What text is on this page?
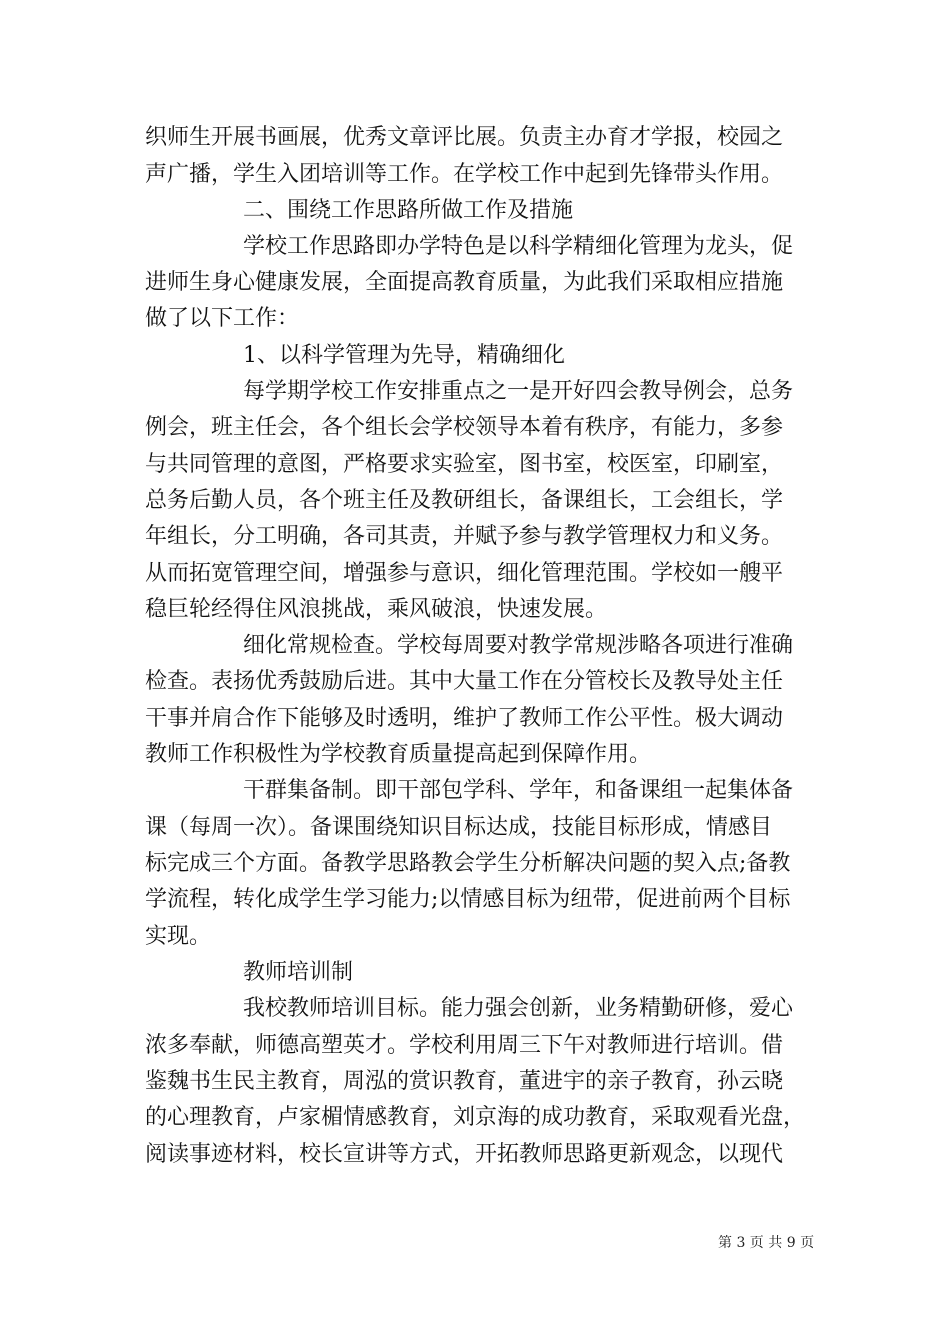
织师生开展书画展，优秀文章评比展。负责主办育才学报，校园之
声广播，学生入团培训等工作。在学校工作中起到先锋带头作用。
二、围绕工作思路所做工作及措施
学校工作思路即办学特色是以科学精细化管理为龙头，促
进师生身心健康发展，全面提高教育质量，为此我们采取相应措施
做了以下工作：
1、以科学管理为先导，精确细化
每学期学校工作安排重点之一是开好四会教导例会，总务
例会，班主任会，各个组长会学校领导本着有秩序，有能力，多参
与共同管理的意图，严格要求实验室，图书室，校医室，印刷室，
总务后勤人员，各个班主任及教研组长，备课组长，工会组长，学
年组长，分工明确，各司其责，并赋予参与教学管理权力和义务。
从而拓宽管理空间，增强参与意识，细化管理范围。学校如一艘平
稳巨轮经得住风浪挑战，乘风破浪，快速发展。
细化常规检查。学校每周要对教学常规涉略各项进行准确
检查。表扬优秀鼓励后进。其中大量工作在分管校长及教导处主任
干事并肩合作下能够及时透明，维护了教师工作公平性。极大调动
教师工作积极性为学校教育质量提高起到保障作用。
干群集备制。即干部包学科、学年，和备课组一起集体备
课（每周一次）。备课围绕知识目标达成，技能目标形成，情感目
标完成三个方面。备教学思路教会学生分析解决问题的契入点;备教
学流程，转化成学生学习能力;以情感目标为纽带，促进前两个目标
实现。
教师培训制
我校教师培训目标。能力强会创新，业务精勤研修，爱心
浓多奉献，师德高塑英才。学校利用周三下午对教师进行培训。借
鉴魏书生民主教育，周泓的赏识教育，董进宇的亲子教育，孙云晓
的心理教育，卢家楣情感教育，刘京海的成功教育，采取观看光盘，
阅读事迹材料，校长宣讲等方式，开拓教师思路更新观念，以现代
第 3 页 共 9 页
